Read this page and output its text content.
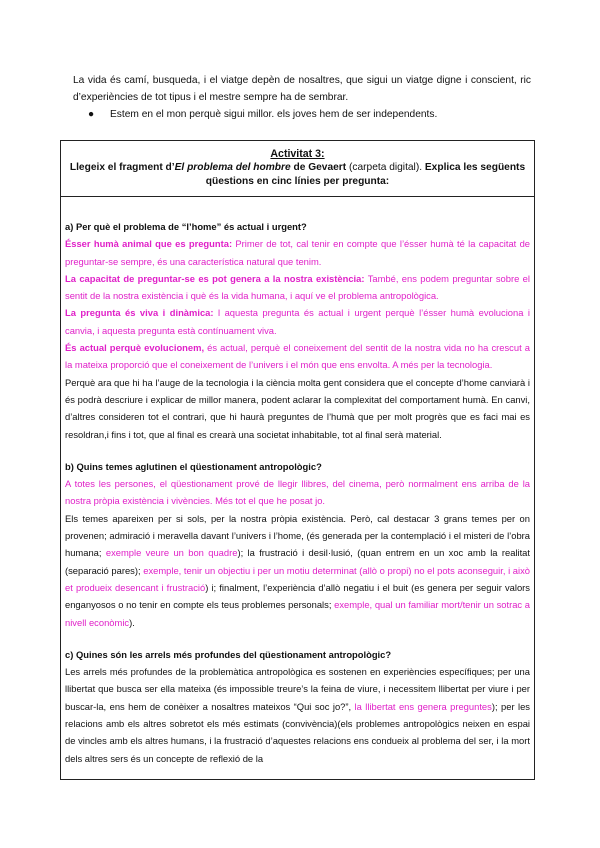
La vida és camí, busqueda, i el viatge depèn de nosaltres, que sigui un viatge digne i conscient, ric d’experiències de tot tipus i el mestre sempre ha de sembrar.

● Estem en el mon perquè sigui millor. els joves hem de ser independents.
Activitat 3:
Llegeix el fragment d’El problema del hombre de Gevaert (carpeta digital). Explica les següents qüestions en cinc línies per pregunta:

a) Per què el problema de “l’home” és actual i urgent?

Ésser humà animal que es pregunta: Primer de tot, cal tenir en compte que l’ésser humà té la capacitat de preguntar-se sempre, és una característica natural que tenim.

La capacitat de preguntar-se es pot genera a la nostra existència: També, ens podem preguntar sobre el sentit de la nostra existència i què és la vida humana, i aquí ve el problema antropològica.

La pregunta és viva i dinàmica: l aquesta pregunta és actual i urgent perquè l’ésser humà evoluciona i canvia, i aquesta pregunta està contínuament viva.

És actual perquè evolucionem, és actual, perquè el coneixement del sentit de la nostra vida no ha crescut a la mateixa proporció que el coneixement de l’univers i el món que ens envolta. A més per la tecnologia.

Perquè ara que hi ha l’auge de la tecnologia i la ciència molta gent considera que el concepte d’home canviarà i és podrà descriure i explicar de millor manera, podent aclarar la complexitat del comportament humà. En canvi, d’altres consideren tot el contrari, que hi haurà preguntes de l’humà que per molt progrès que es faci mai es resoldran,i fins i tot, que al final es crearà una societat inhabitable, tot al final serà material.

b) Quins temes aglutinen el qüestionament antropològic?

A totes les persones, el qüestionament prové de llegir llibres, del cinema, però normalment ens arriba de la nostra pròpia existència i vivències. Més tot el que he posat jo.

Els temes apareixen per si sols, per la nostra pròpia existència. Però, cal destacar 3 grans temes per on provenen; admiració i meravella davant l’univers i l’home, (és generada per la contemplació i el misteri de l’obra humana; exemple veure un bon quadre); la frustració i desil·lusió, (quan entrem en un xoc amb la realitat (separació pares); exemple, tenir un objectiu i per un motiu determinat (allò o propi) no el pots aconseguir, i això et produeix desencant i frustració) i; finalment, l’experiència d’allò negatiu i el buit (es genera per seguir valors enganyosos o no tenir en compte els teus problemes personals; exemple, qual un familiar mort/tenir un sotrac a nivell econòmic).

c) Quines són les arrels més profundes del qüestionament antropològic?

Les arrels més profundes de la problemàtica antropològica es sostenen en experiències específiques; per una llibertat que busca ser ella mateixa (és impossible treure’s la feina de viure, i necessitem llibertat per viure i per buscar-la, ens hem de conèixer a nosaltres mateixos “Qui soc jo?”, la llibertat ens genera preguntes); per les relacions amb els altres sobretot els més estimats (convivència)(els problemes antropològics neixen en espai de vincles amb els altres humans, i la frustració d’aquestes relacions ens condueix al problema del ser, i la mort dels altres sers és un concepte de reflexió de la
